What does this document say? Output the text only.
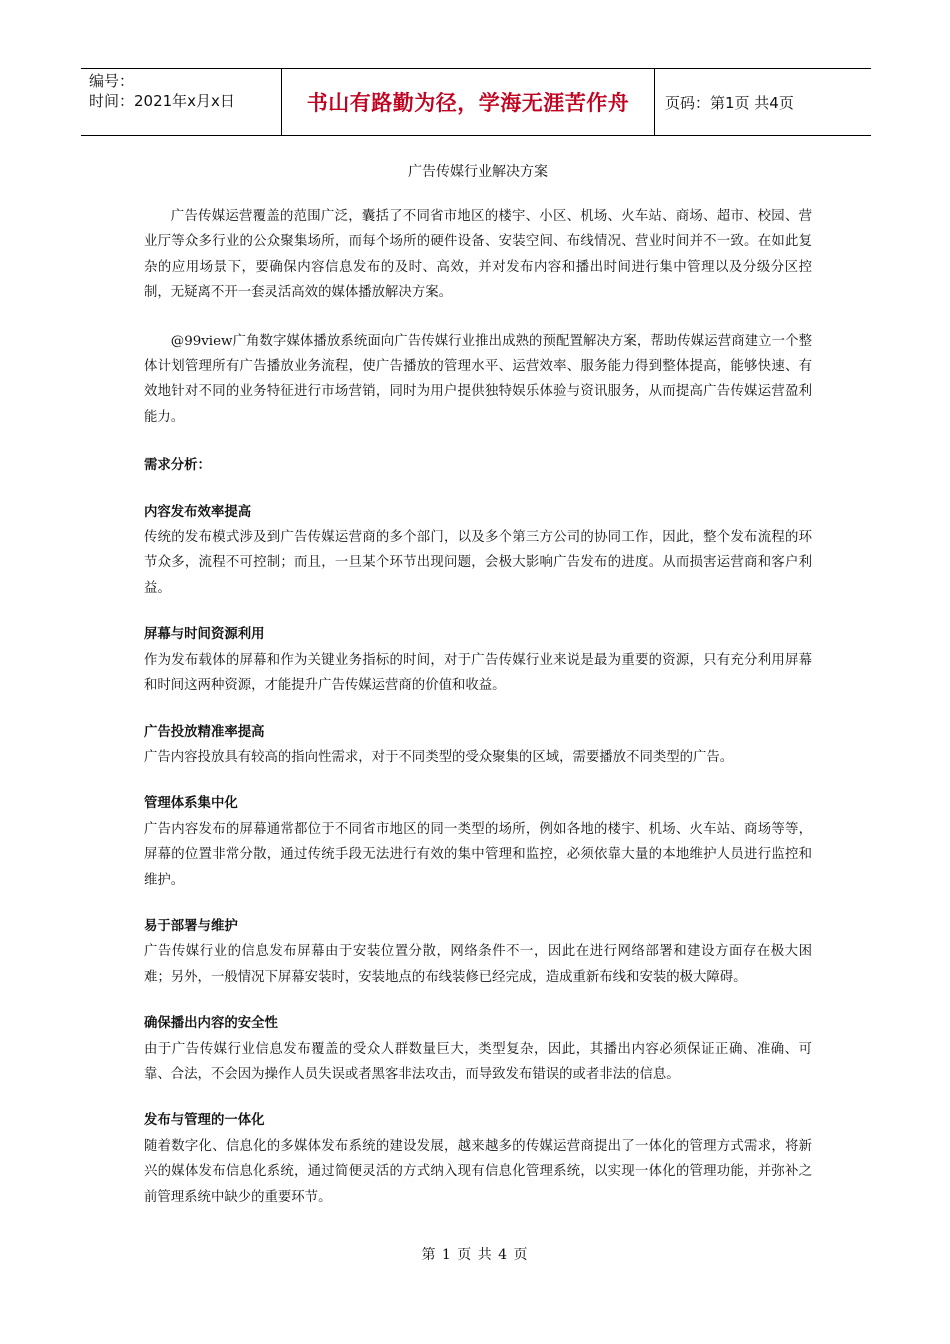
编号：
时间：2021年x月x日	书山有路勤为径，学海无涯苦作舟	页码：第1页 共4页
广告传媒行业解决方案

广告传媒运营覆盖的范围广泛，囊括了不同省市地区的楼宇、小区、机场、火车站、商场、超市、校园、营业厅等众多行业的公众聚集场所，而每个场所的硬件设备、安装空间、布线情况、营业时间并不一致。在如此复杂的应用场景下，要确保内容信息发布的及时、高效，并对发布内容和播出时间进行集中管理以及分级分区控制，无疑离不开一套灵活高效的媒体播放解决方案。

@99view广角数字媒体播放系统面向广告传媒行业推出成熟的预配置解决方案，帮助传媒运营商建立一个整体计划管理所有广告播放业务流程，使广告播放的管理水平、运营效率、服务能力得到整体提高，能够快速、有效地针对不同的业务特征进行市场营销，同时为用户提供独特娱乐体验与资讯服务，从而提高广告传媒运营盈利能力。

需求分析：
内容发布效率提高

传统的发布模式涉及到广告传媒运营商的多个部门，以及多个第三方公司的协同工作，因此，整个发布流程的环节众多，流程不可控制；而且，一旦某个环节出现问题，会极大影响广告发布的进度。从而损害运营商和客户利益。

屏幕与时间资源利用

作为发布载体的屏幕和作为关键业务指标的时间，对于广告传媒行业来说是最为重要的资源，只有充分利用屏幕和时间这两种资源，才能提升广告传媒运营商的价值和收益。

广告投放精准率提高

广告内容投放具有较高的指向性需求，对于不同类型的受众聚集的区域，需要播放不同类型的广告。

管理体系集中化

广告内容发布的屏幕通常都位于不同省市地区的同一类型的场所，例如各地的楼宇、机场、火车站、商场等等，屏幕的位置非常分散，通过传统手段无法进行有效的集中管理和监控，必须依靠大量的本地维护人员进行监控和维护。

易于部署与维护

广告传媒行业的信息发布屏幕由于安装位置分散，网络条件不一，因此在进行网络部署和建设方面存在极大困难；另外，一般情况下屏幕安装时，安装地点的布线装修已经完成，造成重新布线和安装的极大障碍。

确保播出内容的安全性

由于广告传媒行业信息发布覆盖的受众人群数量巨大，类型复杂，因此，其播出内容必须保证正确、准确、可靠、合法，不会因为操作人员失误或者黑客非法攻击，而导致发布错误的或者非法的信息。

发布与管理的一体化

随着数字化、信息化的多媒体发布系统的建设发展，越来越多的传媒运营商提出了一体化的管理方式需求，将新兴的媒体发布信息化系统，通过简便灵活的方式纳入现有信息化管理系统，以实现一体化的管理功能，并弥补之前管理系统中缺少的重要环节。

第 1 页 共 4 页
